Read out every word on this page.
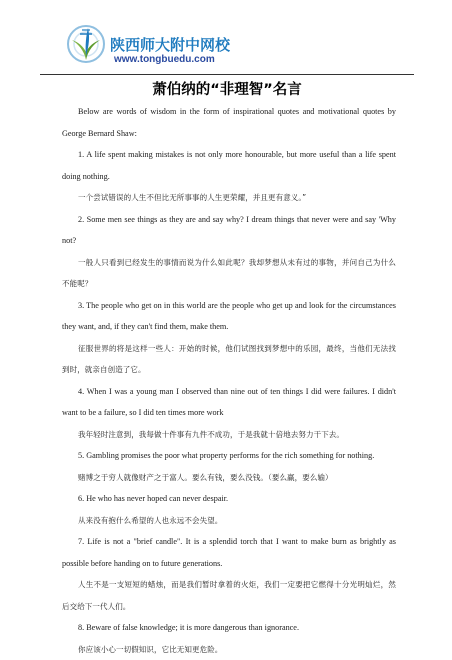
陕西师大附中网校
www.tongbuedu.com
萧伯纳的“非理智”名言

Below are words of wisdom in the form of inspirational quotes and motivational quotes by George Bernard Shaw:

1. A life spent making mistakes is not only more honourable, but more useful than a life spent doing nothing.

一个尝试错误的人生不但比无所事事的人生更荣耀，并且更有意义。”

2. Some men see things as they are and say why? I dream things that never were and say 'Why not?

一般人只看到已经发生的事情而说为什么如此呢？我却梦想从未有过的事物，并问自己为什么不能呢？

3. The people who get on in this world are the people who get up and look for the circumstances they want, and, if they can't find them, make them.

征服世界的将是这样一些人：开始的时候，他们试图找到梦想中的乐园，最终，当他们无法找到时，就亲自创造了它。

4. When I was a young man I observed than nine out of ten things I did were failures. I didn't want to be a failure, so I did ten times more work

我年轻时注意到，我每做十件事有九件不成功，于是我就十倍地去努力干下去。

5. Gambling promises the poor what property performs for the rich something for nothing.

赌博之于穷人就像财产之于富人。要么有钱，要么没钱。（要么赢，要么输）

6. He who has never hoped can never despair.

从来没有抱什么希望的人也永远不会失望。

7. Life is not a "brief candle". It is a splendid torch that I want to make burn as brightly as possible before handing on to future generations.

人生不是一支短短的蜡烛，而是我们暂时拿着的火炬，我们一定要把它燃得十分光明灿烂，然后交给下一代人们。

8. Beware of false knowledge; it is more dangerous than ignorance.

你应该小心一切假知识，它比无知更危险。
